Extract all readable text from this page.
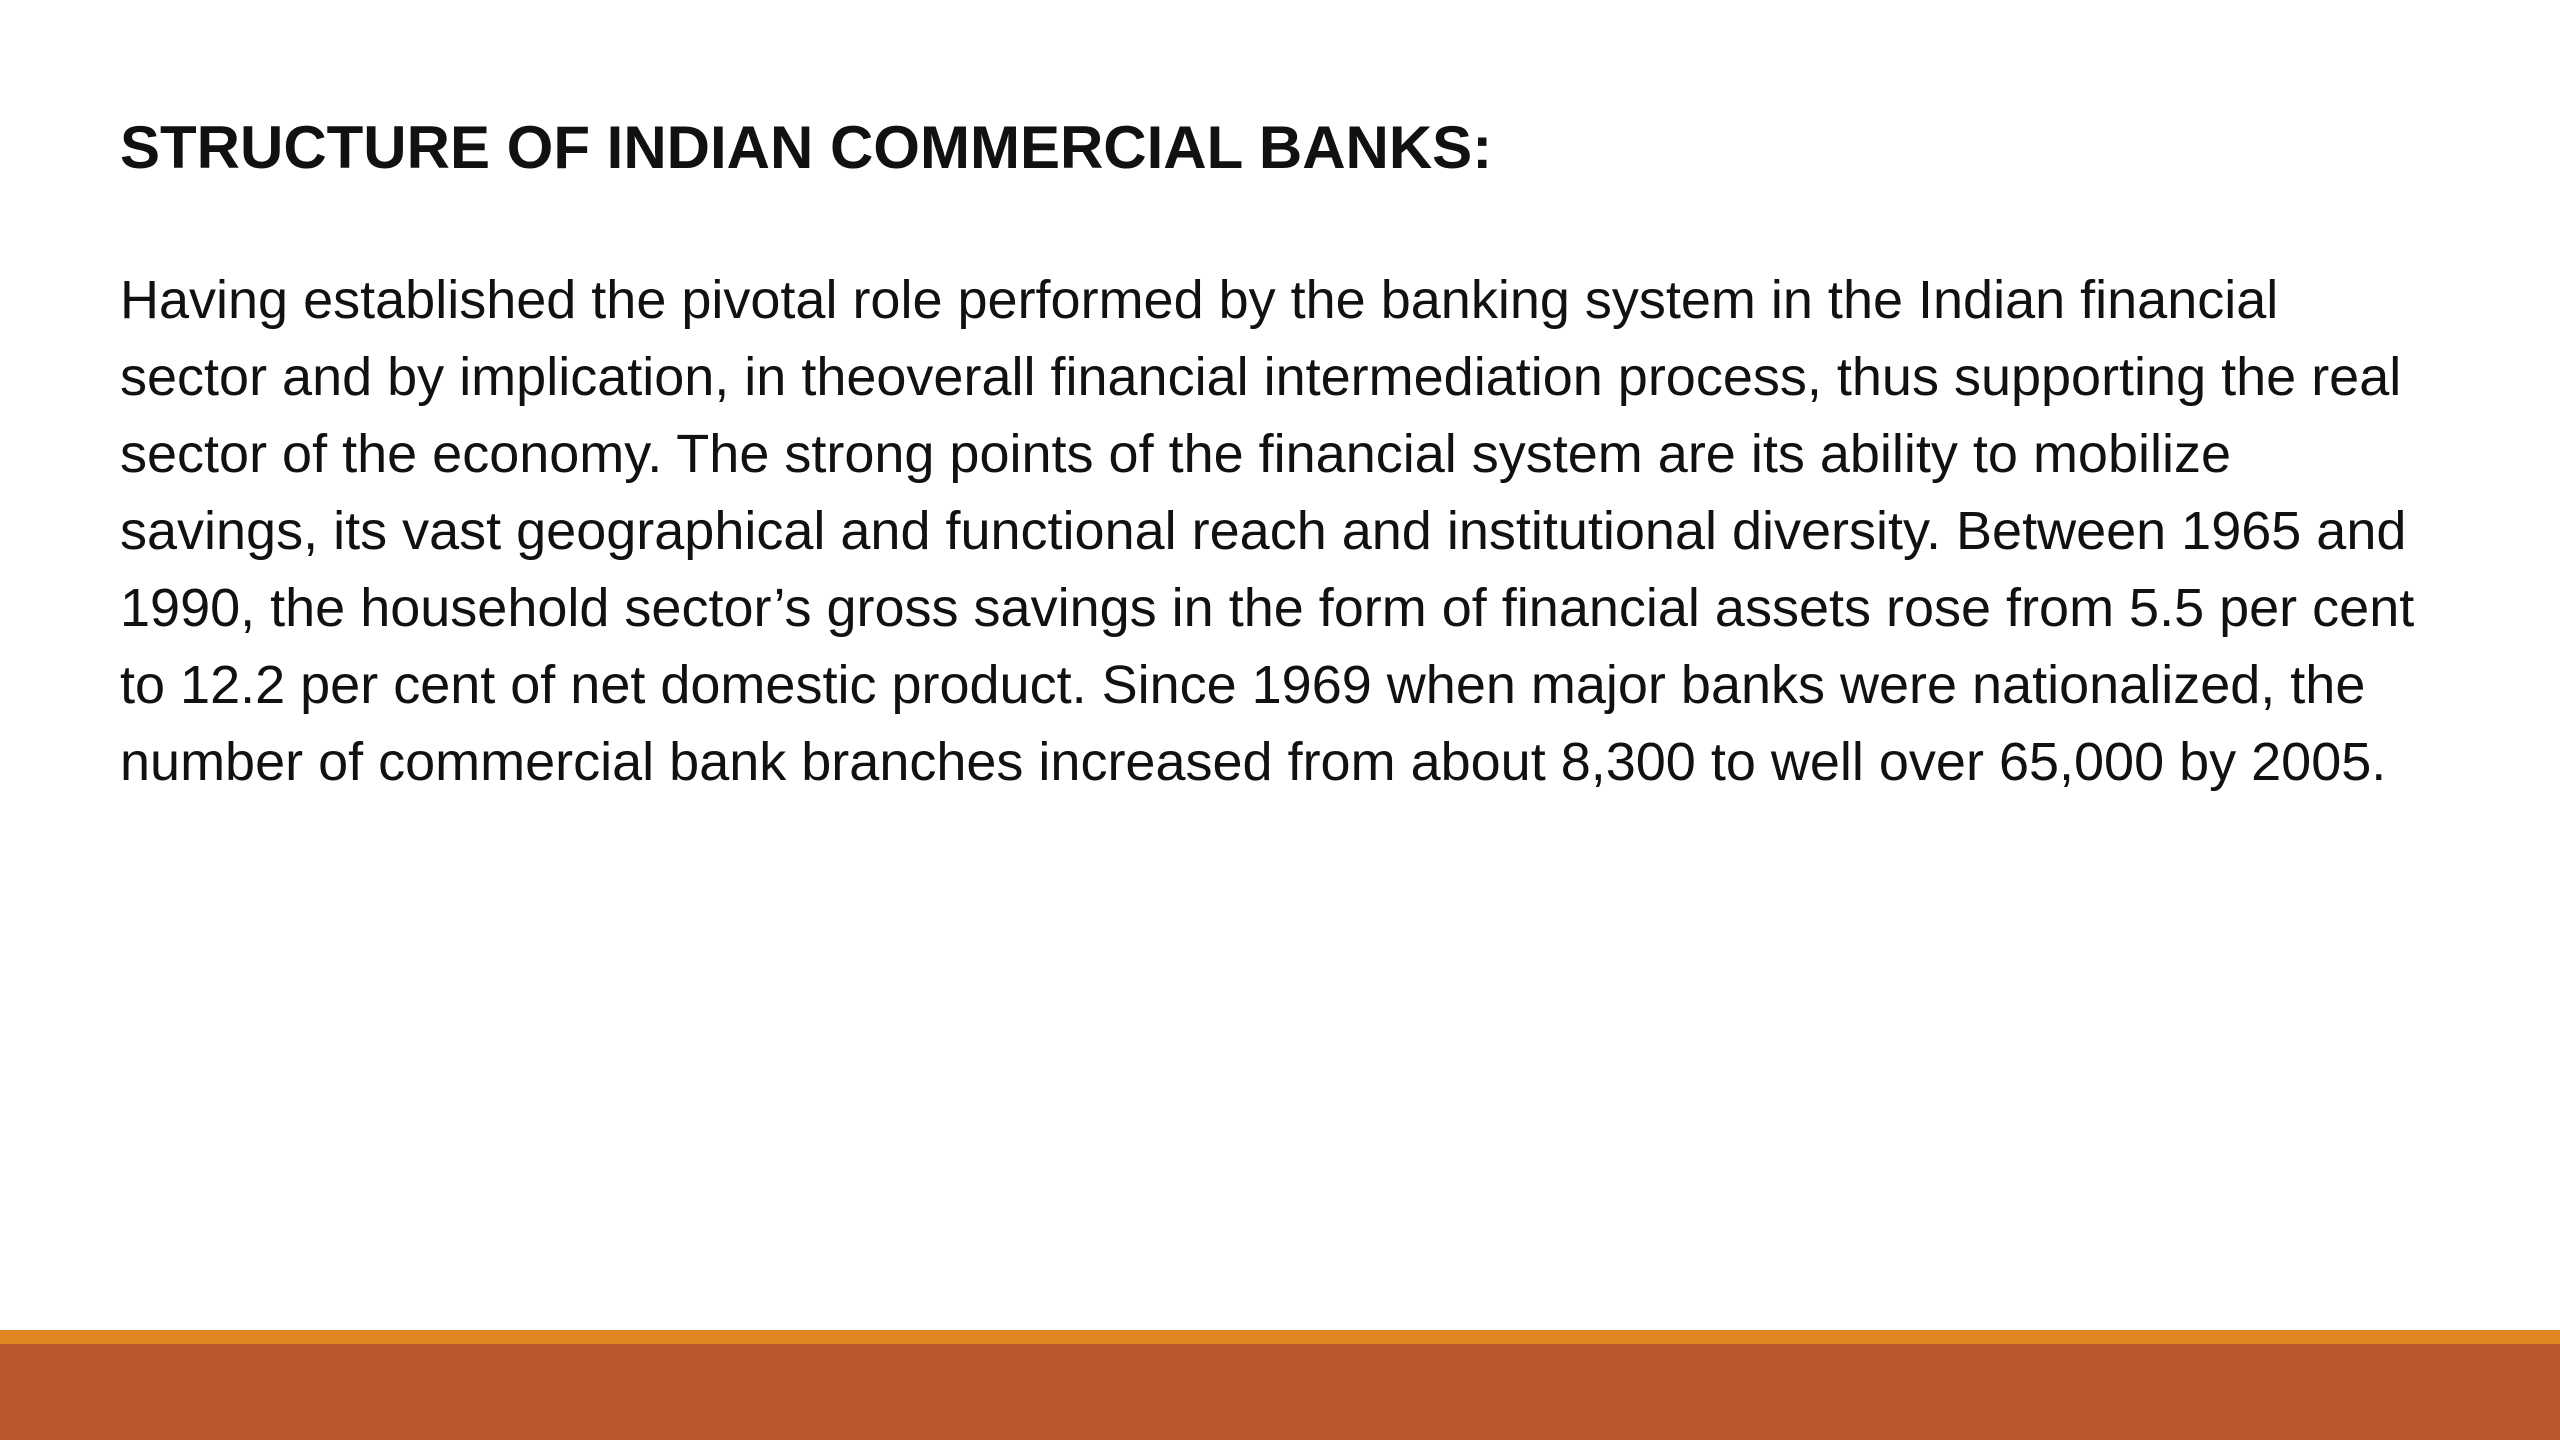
STRUCTURE OF INDIAN COMMERCIAL BANKS:

Having established the pivotal role performed by the banking system in the Indian financial sector and by implication, in theoverall financial intermediation process, thus supporting the real sector of the economy. The strong points of the financial system are its ability to mobilize savings, its vast geographical and functional reach and institutional diversity. Between 1965 and 1990, the household sector’s gross savings in the form of financial assets rose from 5.5 per cent to 12.2 per cent of net domestic product. Since 1969 when major banks were nationalized, the number of commercial bank branches increased from about 8,300 to well over 65,000 by 2005.
